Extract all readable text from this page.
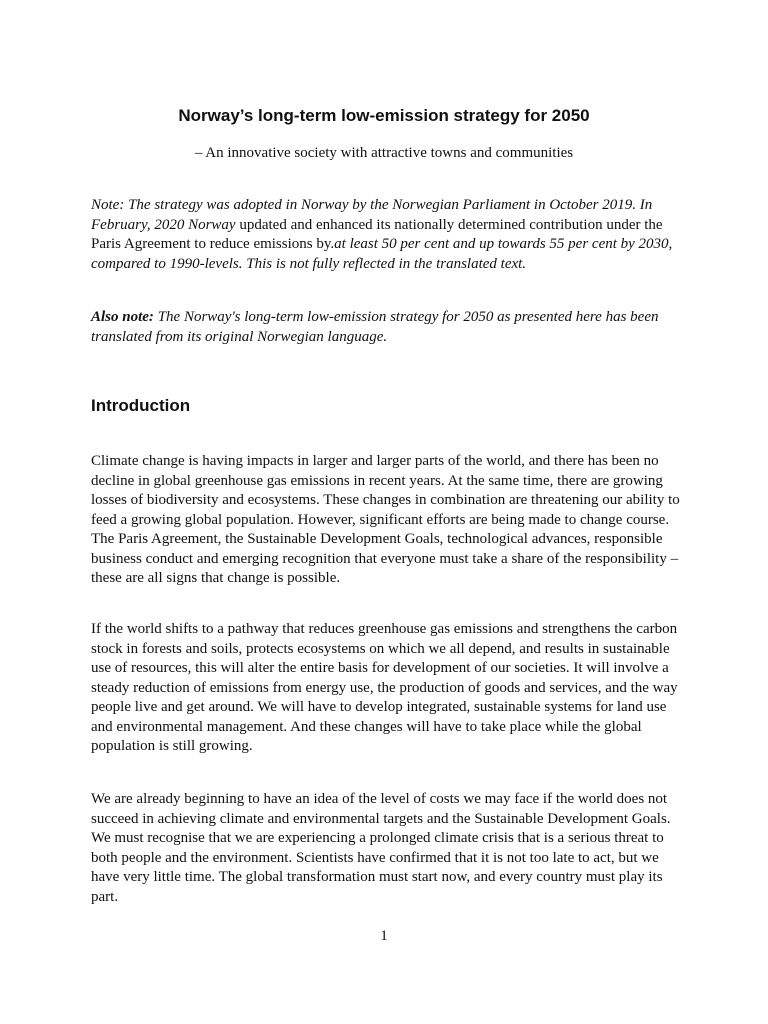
Norway’s long-term low-emission strategy for 2050

– An innovative society with attractive towns and communities

Note: The strategy was adopted in Norway by the Norwegian Parliament in October 2019. In February, 2020 Norway updated and enhanced its nationally determined contribution under the Paris Agreement to reduce emissions by.at least 50 per cent and up towards 55 per cent by 2030, compared to 1990-levels. This is not fully reflected in the translated text.

Also note: The Norway's long-term low-emission strategy for 2050 as presented here has been translated from its original Norwegian language.

Introduction

Climate change is having impacts in larger and larger parts of the world, and there has been no decline in global greenhouse gas emissions in recent years. At the same time, there are growing losses of biodiversity and ecosystems. These changes in combination are threatening our ability to feed a growing global population. However, significant efforts are being made to change course. The Paris Agreement, the Sustainable Development Goals, technological advances, responsible business conduct and emerging recognition that everyone must take a share of the responsibility – these are all signs that change is possible.

If the world shifts to a pathway that reduces greenhouse gas emissions and strengthens the carbon stock in forests and soils, protects ecosystems on which we all depend, and results in sustainable use of resources, this will alter the entire basis for development of our societies. It will involve a steady reduction of emissions from energy use, the production of goods and services, and the way people live and get around. We will have to develop integrated, sustainable systems for land use and environmental management. And these changes will have to take place while the global population is still growing.

We are already beginning to have an idea of the level of costs we may face if the world does not succeed in achieving climate and environmental targets and the Sustainable Development Goals. We must recognise that we are experiencing a prolonged climate crisis that is a serious threat to both people and the environment. Scientists have confirmed that it is not too late to act, but we have very little time. The global transformation must start now, and every country must play its part.

1
